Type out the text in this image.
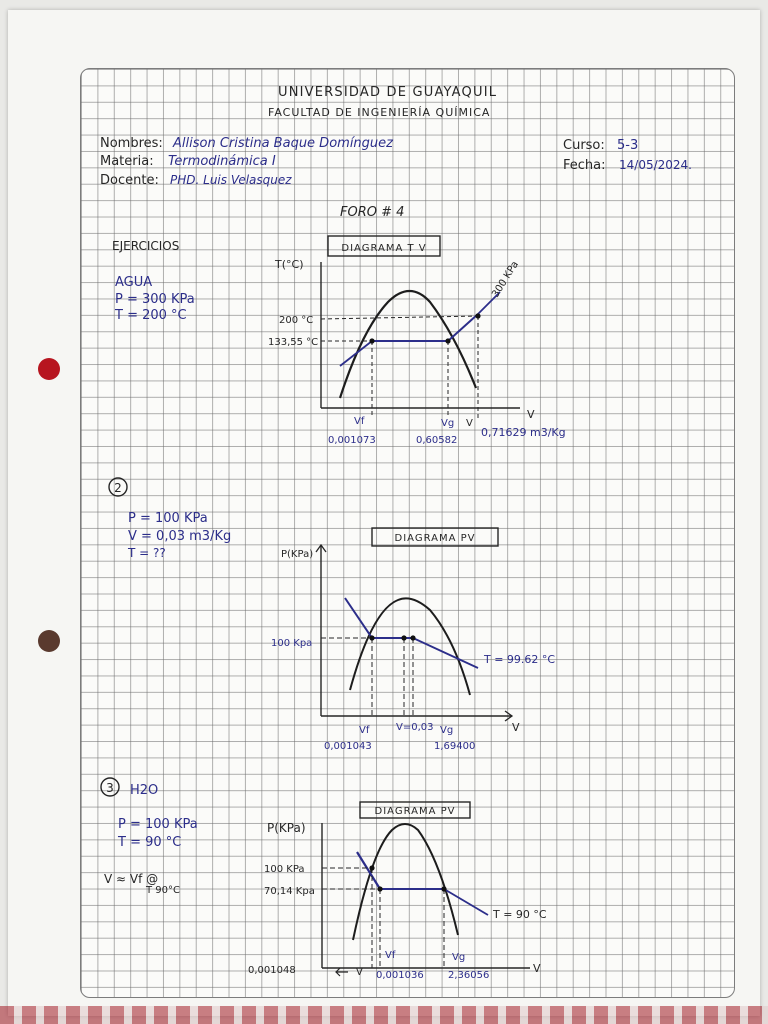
UNIVERSIDAD DE GUAYAQUIL
FACULTAD DE INGENIERÍA QUÍMICA
Nombres: Allison Cristina Baque Domínguez
Materia: Termodinámica I
Docente: PHD. Luis Velasquez
Curso: 5-3
Fecha: 14/05/2024.
FORO # 4
EJERCICIOS
AGUA
P = 300 KPa
T = 200 °C
P = 100 KPa
V = 0,03 m3/Kg
T = ??
H2O
P = 100 KPa
T = 90 °C
V ≈ Vf @
T 90°C
2
3
DIAGRAMA T V
T(°C)
V
300 KPa
200 °C
133,55 °C
Vf	Vg V
0,001073	0,60582
0,71629 m3/Kg
DIAGRAMA PV
P(KPa)
V
100 Kpa
T = 99.62 °C
Vf	V=0,03 Vg
0,001043	1,69400
DIAGRAMA PV
P(KPa)
V
100 KPa
70,14 Kpa
T = 90 °C
Vf	Vg
0,001048	V 0,001036 2,36056
